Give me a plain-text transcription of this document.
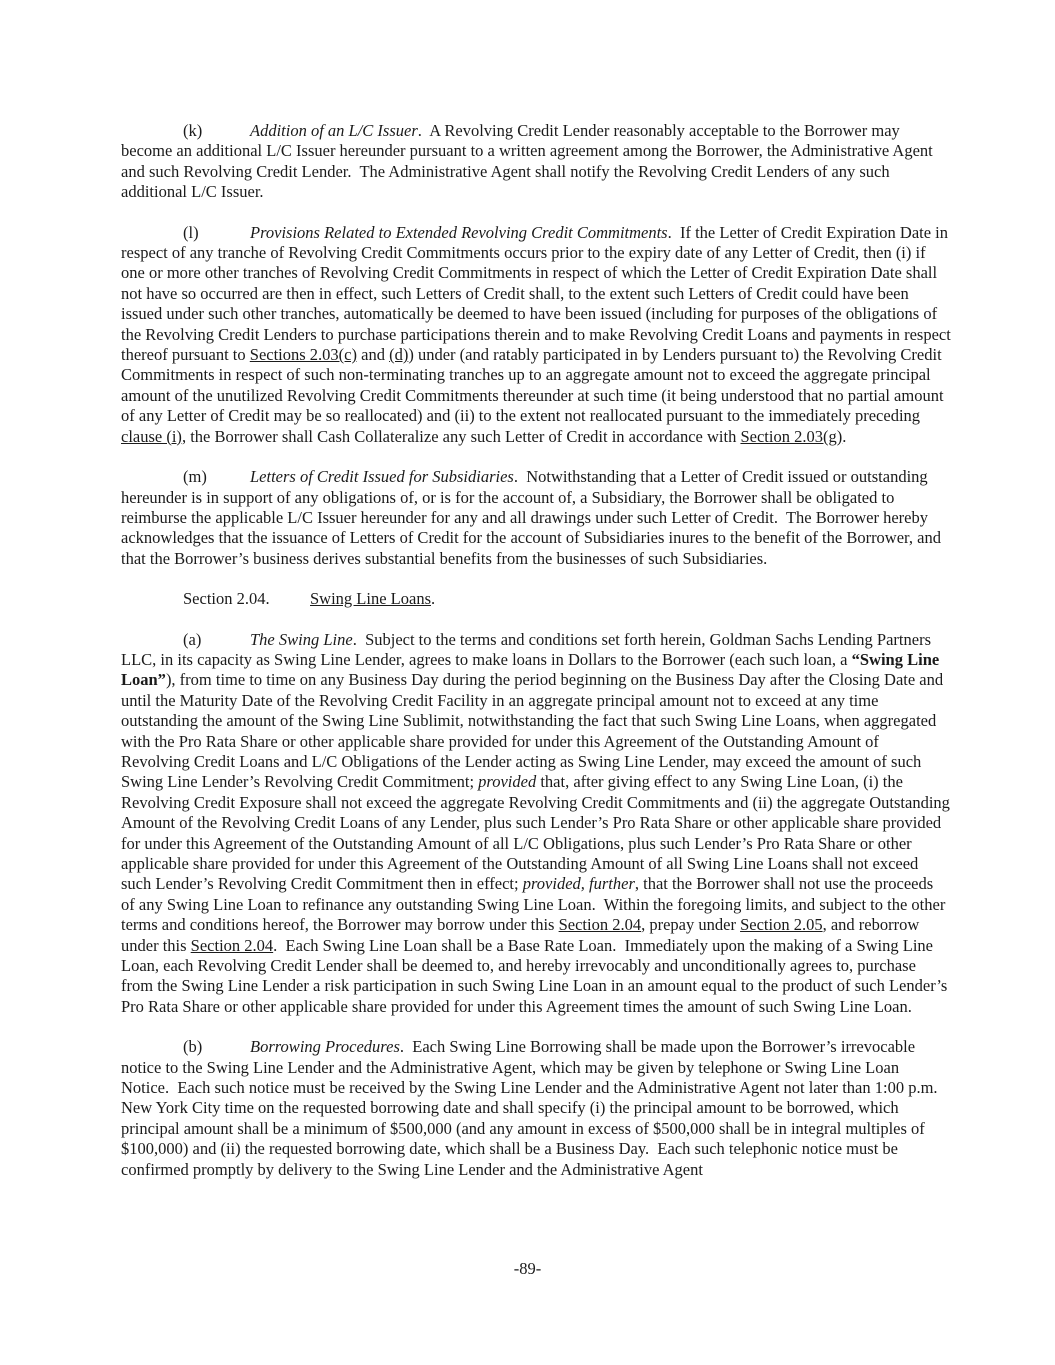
(k)	Addition of an L/C Issuer.  A Revolving Credit Lender reasonably acceptable to the Borrower may become an additional L/C Issuer hereunder pursuant to a written agreement among the Borrower, the Administrative Agent and such Revolving Credit Lender.  The Administrative Agent shall notify the Revolving Credit Lenders of any such additional L/C Issuer.

(l)	Provisions Related to Extended Revolving Credit Commitments.  If the Letter of Credit Expiration Date in respect of any tranche of Revolving Credit Commitments occurs prior to the expiry date of any Letter of Credit, then (i) if one or more other tranches of Revolving Credit Commitments in respect of which the Letter of Credit Expiration Date shall not have so occurred are then in effect, such Letters of Credit shall, to the extent such Letters of Credit could have been issued under such other tranches, automatically be deemed to have been issued (including for purposes of the obligations of the Revolving Credit Lenders to purchase participations therein and to make Revolving Credit Loans and payments in respect thereof pursuant to Sections 2.03(c) and (d)) under (and ratably participated in by Lenders pursuant to) the Revolving Credit Commitments in respect of such non-terminating tranches up to an aggregate amount not to exceed the aggregate principal amount of the unutilized Revolving Credit Commitments thereunder at such time (it being understood that no partial amount of any Letter of Credit may be so reallocated) and (ii) to the extent not reallocated pursuant to the immediately preceding clause (i), the Borrower shall Cash Collateralize any such Letter of Credit in accordance with Section 2.03(g).

(m)	Letters of Credit Issued for Subsidiaries.  Notwithstanding that a Letter of Credit issued or outstanding hereunder is in support of any obligations of, or is for the account of, a Subsidiary, the Borrower shall be obligated to reimburse the applicable L/C Issuer hereunder for any and all drawings under such Letter of Credit.  The Borrower hereby acknowledges that the issuance of Letters of Credit for the account of Subsidiaries inures to the benefit of the Borrower, and that the Borrower’s business derives substantial benefits from the businesses of such Subsidiaries.

Section 2.04. Swing Line Loans.

(a)	The Swing Line.  Subject to the terms and conditions set forth herein, Goldman Sachs Lending Partners LLC, in its capacity as Swing Line Lender, agrees to make loans in Dollars to the Borrower (each such loan, a “Swing Line Loan”), from time to time on any Business Day during the period beginning on the Business Day after the Closing Date and until the Maturity Date of the Revolving Credit Facility in an aggregate principal amount not to exceed at any time outstanding the amount of the Swing Line Sublimit, notwithstanding the fact that such Swing Line Loans, when aggregated with the Pro Rata Share or other applicable share provided for under this Agreement of the Outstanding Amount of Revolving Credit Loans and L/C Obligations of the Lender acting as Swing Line Lender, may exceed the amount of such Swing Line Lender’s Revolving Credit Commitment; provided that, after giving effect to any Swing Line Loan, (i) the Revolving Credit Exposure shall not exceed the aggregate Revolving Credit Commitments and (ii) the aggregate Outstanding Amount of the Revolving Credit Loans of any Lender, plus such Lender’s Pro Rata Share or other applicable share provided for under this Agreement of the Outstanding Amount of all L/C Obligations, plus such Lender’s Pro Rata Share or other applicable share provided for under this Agreement of the Outstanding Amount of all Swing Line Loans shall not exceed such Lender’s Revolving Credit Commitment then in effect; provided, further, that the Borrower shall not use the proceeds of any Swing Line Loan to refinance any outstanding Swing Line Loan.  Within the foregoing limits, and subject to the other terms and conditions hereof, the Borrower may borrow under this Section 2.04, prepay under Section 2.05, and reborrow under this Section 2.04.  Each Swing Line Loan shall be a Base Rate Loan.  Immediately upon the making of a Swing Line Loan, each Revolving Credit Lender shall be deemed to, and hereby irrevocably and unconditionally agrees to, purchase from the Swing Line Lender a risk participation in such Swing Line Loan in an amount equal to the product of such Lender’s Pro Rata Share or other applicable share provided for under this Agreement times the amount of such Swing Line Loan.

(b)	Borrowing Procedures.  Each Swing Line Borrowing shall be made upon the Borrower’s irrevocable notice to the Swing Line Lender and the Administrative Agent, which may be given by telephone or Swing Line Loan Notice.  Each such notice must be received by the Swing Line Lender and the Administrative Agent not later than 1:00 p.m. New York City time on the requested borrowing date and shall specify (i) the principal amount to be borrowed, which principal amount shall be a minimum of $500,000 (and any amount in excess of $500,000 shall be in integral multiples of $100,000) and (ii) the requested borrowing date, which shall be a Business Day.  Each such telephonic notice must be confirmed promptly by delivery to the Swing Line Lender and the Administrative Agent

-89-
